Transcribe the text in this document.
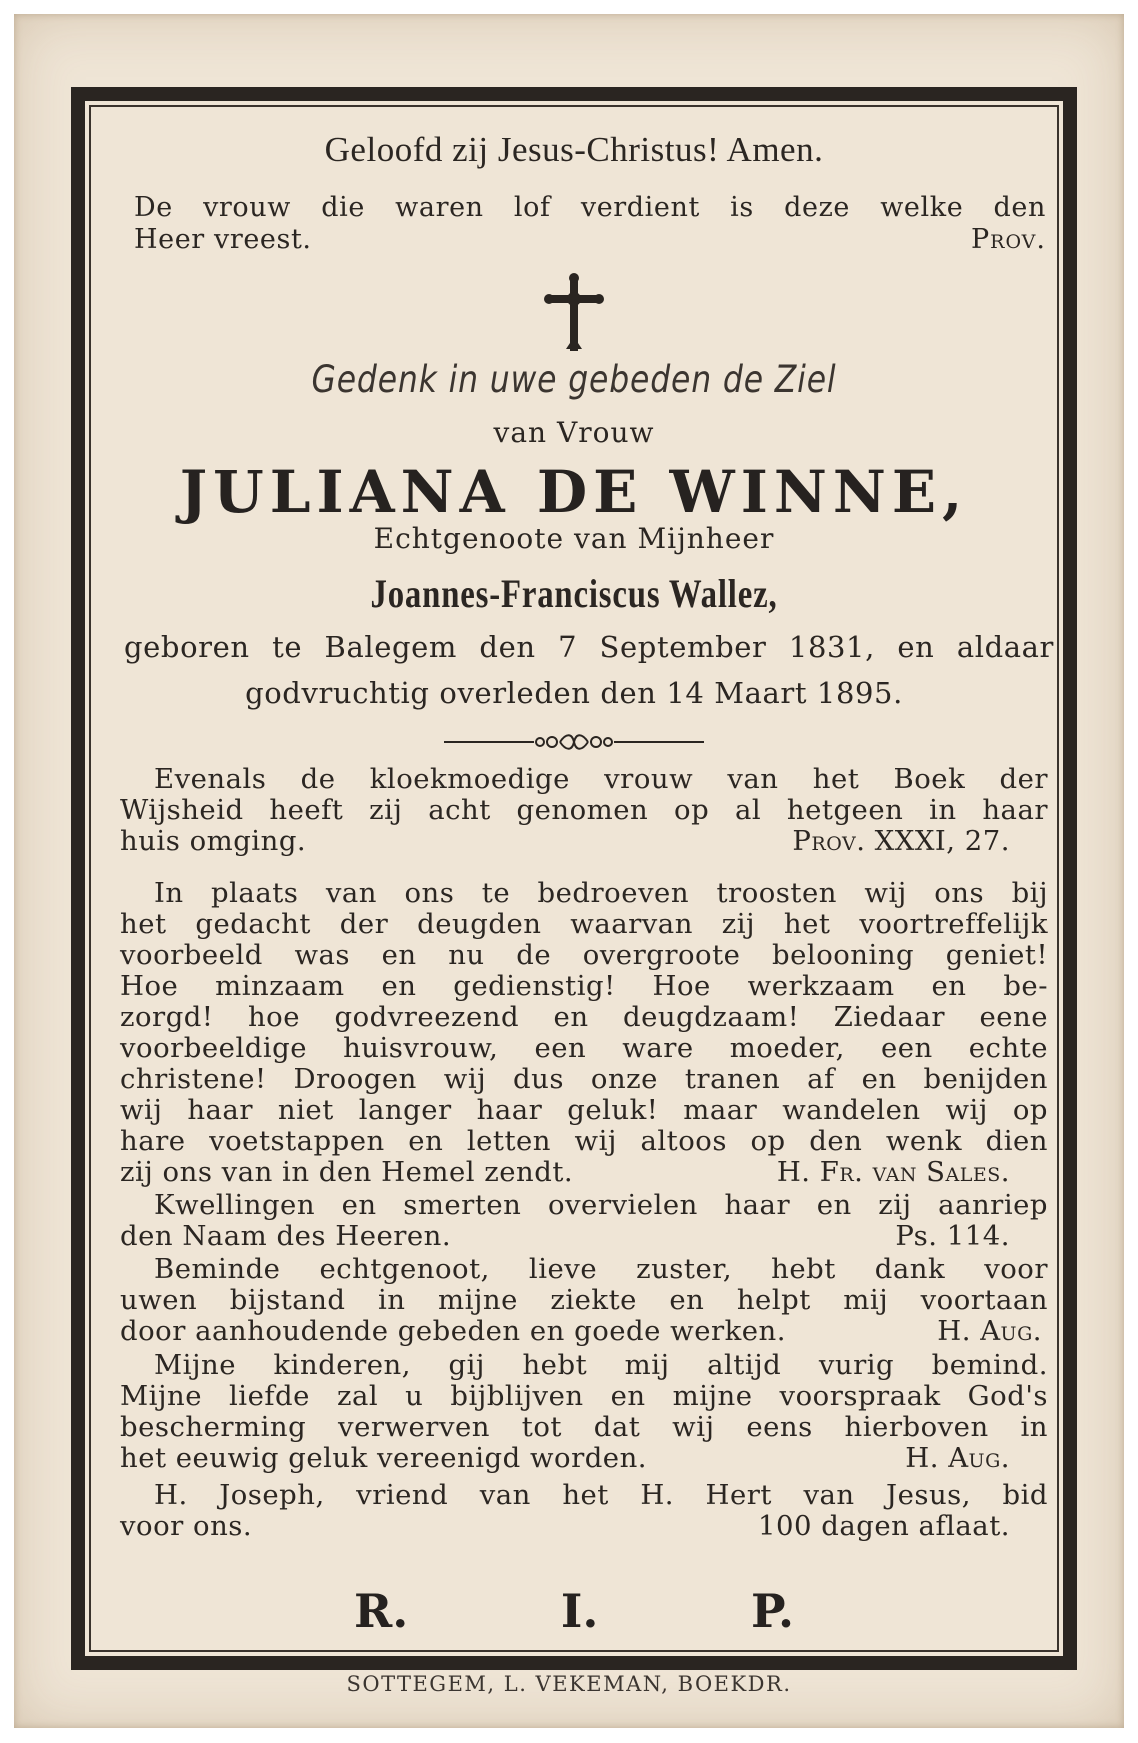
Geloofd zij Jesus-Christus! Amen.
De vrouw die waren lof verdient is deze welke den
Heer vreest.	Prov.
Gedenk in uwe gebeden de Ziel
van Vrouw
JULIANA DE WINNE,
Echtgenoote van Mijnheer
Joannes-Franciscus Wallez,
geboren te Balegem den 7 September 1831, en aldaar
godvruchtig overleden den 14 Maart 1895.
Evenals de kloekmoedige vrouw van het Boek der
Wijsheid heeft zij acht genomen op al hetgeen in haar
huis omging.	Prov. XXXI, 27.
In plaats van ons te bedroeven troosten wij ons bij
het gedacht der deugden waarvan zij het voortreffelijk
voorbeeld was en nu de overgroote belooning geniet!
Hoe minzaam en gedienstig! Hoe werkzaam en be-
zorgd! hoe godvreezend en deugdzaam! Ziedaar eene
voorbeeldige huisvrouw, een ware moeder, een echte
christene! Droogen wij dus onze tranen af en benijden
wij haar niet langer haar geluk! maar wandelen wij op
hare voetstappen en letten wij altoos op den wenk dien
zij ons van in den Hemel zendt.	H. Fr. van Sales.
Kwellingen en smerten overvielen haar en zij aanriep
den Naam des Heeren.	Ps. 114.
Beminde echtgenoot, lieve zuster, hebt dank voor
uwen bijstand in mijne ziekte en helpt mij voortaan
door aanhoudende gebeden en goede werken.	H. Aug.
Mijne kinderen, gij hebt mij altijd vurig bemind.
Mijne liefde zal u bijblijven en mijne voorspraak God's
bescherming verwerven tot dat wij eens hierboven in
het eeuwig geluk vereenigd worden.	H. Aug.
H. Joseph, vriend van het H. Hert van Jesus, bid
voor ons.	100 dagen aflaat.
R.	I.	P.
SOTTEGEM, L. VEKEMAN, BOEKDR.
